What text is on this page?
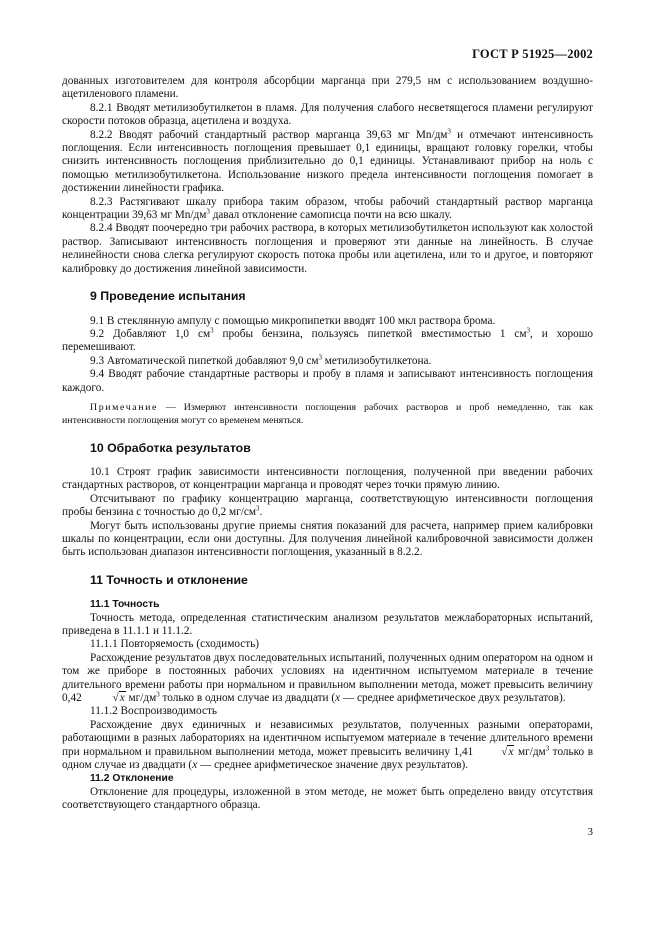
ГОСТ Р 51925—2002

дованных изготовителем для контроля абсорбции марганца при 279,5 нм с использованием воздушно-ацетиленового пламени.

8.2.1 Вводят метилизобутилкетон в пламя. Для получения слабого несветящегося пламени регулируют скорости потоков образца, ацетилена и воздуха.

8.2.2 Вводят рабочий стандартный раствор марганца 39,63 мг $Mn/дм^3$ и отмечают интенсивность поглощения. Если интенсивность поглощения превышает 0,1 единицы, вращают головку горелки, чтобы снизить интенсивность поглощения приблизительно до 0,1 единицы. Устанавливают прибор на ноль с помощью метилизобутилкетона. Использование низкого предела интенсивности поглощения помогает в достижении линейности графика.

8.2.3 Растягивают шкалу прибора таким образом, чтобы рабочий стандартный раствор марганца концентрации 39,63 мг $Mn/дм^3$ давал отклонение самописца почти на всю шкалу.

8.2.4 Вводят поочередно три рабочих раствора, в которых метилизобутилкетон используют как холостой раствор. Записывают интенсивность поглощения и проверяют эти данные на линейность. В случае нелинейности снова слегка регулируют скорость потока пробы или ацетилена, или то и другое, и повторяют калибровку до достижения линейной зависимости.

9 Проведение испытания

9.1 В стеклянную ампулу с помощью микропипетки вводят 100 мкл раствора брома.

9.2 Добавляют 1,0 $см^3$ пробы бензина, пользуясь пипеткой вместимостью 1 $см^3$, и хорошо перемешивают.

9.3 Автоматической пипеткой добавляют 9,0 $см^3$ метилизобутилкетона.

9.4 Вводят рабочие стандартные растворы и пробу в пламя и записывают интенсивность поглощения каждого.

Примечание — Измеряют интенсивности поглощения рабочих растворов и проб немедленно, так как интенсивности поглощения могут со временем меняться.

10 Обработка результатов

10.1 Строят график зависимости интенсивности поглощения, полученной при введении рабочих стандартных растворов, от концентрации марганца и проводят через точки прямую линию.

Отсчитывают по графику концентрацию марганца, соответствующую интенсивности поглощения пробы бензина с точностью до 0,2 $мг/см^3$.

Могут быть использованы другие приемы снятия показаний для расчета, например прием калибровки шкалы по концентрации, если они доступны. Для получения линейной калибровочной зависимости должен быть использован диапазон интенсивности поглощения, указанный в 8.2.2.

11 Точность и отклонение
11.1 Точность

Точность метода, определенная статистическим анализом результатов межлабораторных испытаний, приведена в 11.1.1 и 11.1.2.

11.1.1 Повторяемость (сходимость)

Расхождение результатов двух последовательных испытаний, полученных одним оператором на одном и том же приборе в постоянных рабочих условиях на идентичном испытуемом материале в течение длительного времени работы при нормальном и правильном выполнении метода, может превысить величину 0,42 √x $мг/дм^3$ только в одном случае из двадцати (x — среднее арифметическое двух результатов).

11.1.2 Воспроизводимость

Расхождение двух единичных и независимых результатов, полученных разными операторами, работающими в разных лабораториях на идентичном испытуемом материале в течение длительного времени при нормальном и правильном выполнении метода, может превысить величину 1,41 √x $мг/дм^3$ только в одном случае из двадцати (x — среднее арифметическое значение двух результатов).

11.2 Отклонение

Отклонение для процедуры, изложенной в этом методе, не может быть определено ввиду отсутствия соответствующего стандартного образца.

3
